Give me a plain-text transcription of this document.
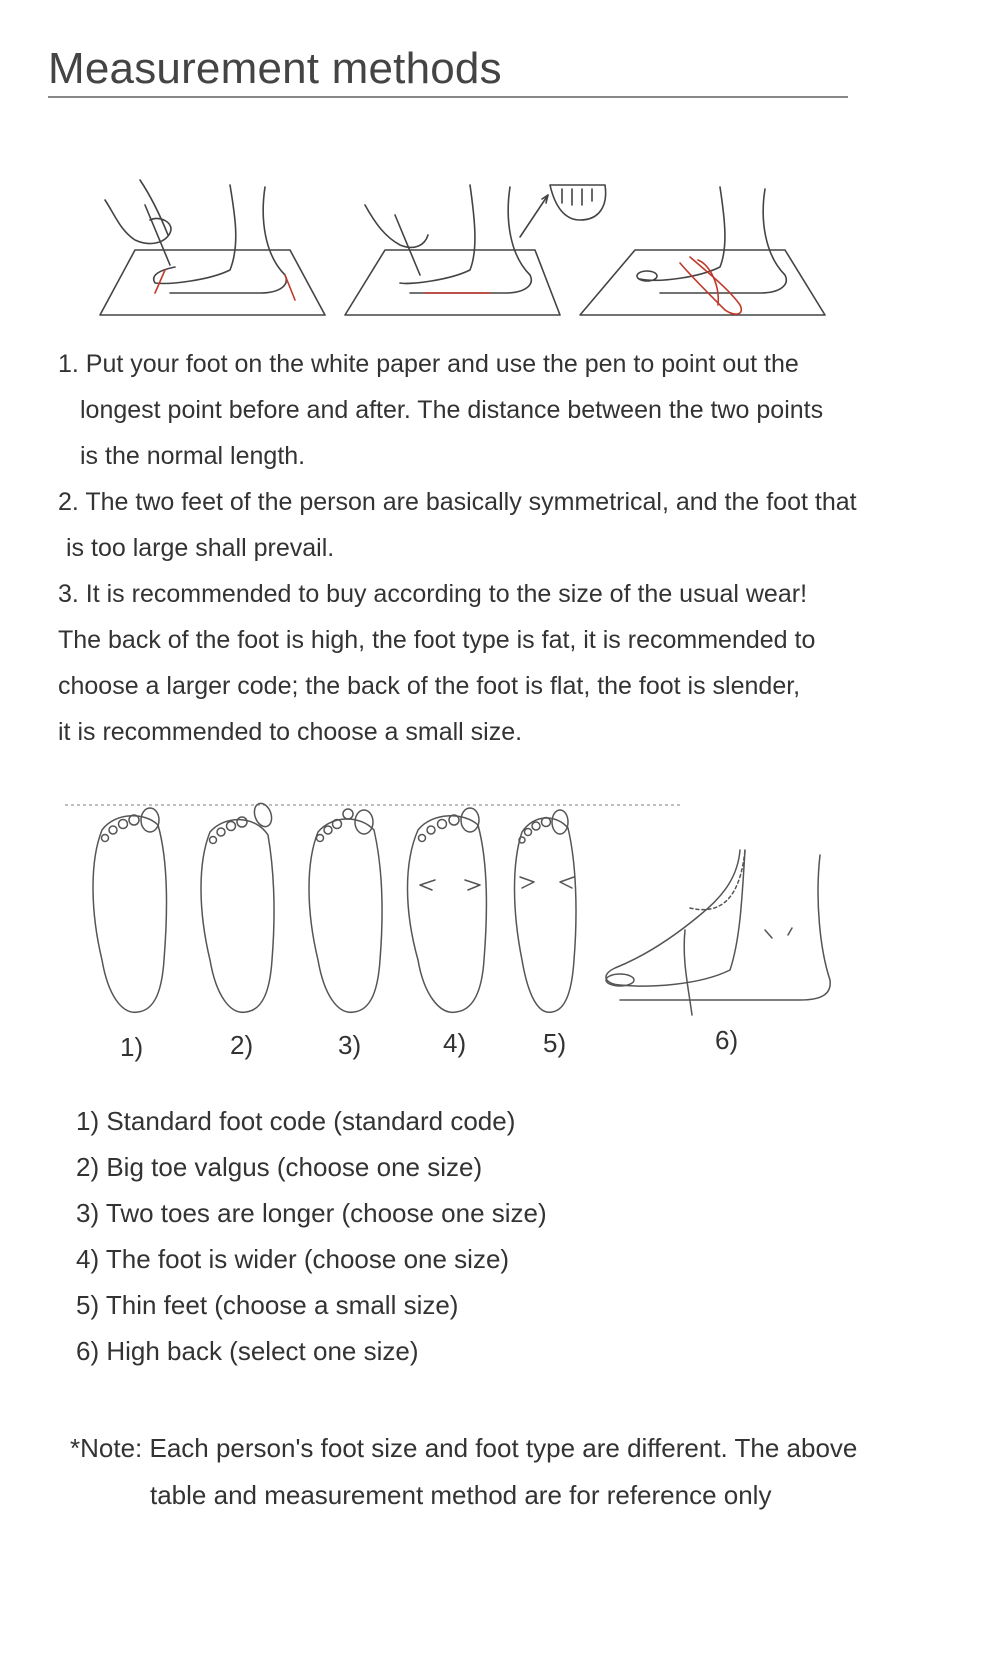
Measurement methods
1. Put your foot on the white paper and use the pen to point out the
longest point before and after. The distance between the two points
is the normal length.
2. The two feet of the person are basically symmetrical, and the foot that
is too large shall prevail.
3. It is recommended to buy according to the size of the usual wear!
The back of the foot is high, the foot type is fat, it is recommended to
choose a larger code; the back of the foot is flat, the foot is slender,
it is recommended to choose a small size.
1)	2)	3)	4)	5)	6)
1) Standard foot code (standard code)
2) Big toe valgus (choose one size)
3) Two toes are longer (choose one size)
4) The foot is wider (choose one size)
5) Thin feet (choose a small size)
6) High back (select one size)
*Note: Each person's foot size and foot type are different. The above
table and measurement method are for reference only
